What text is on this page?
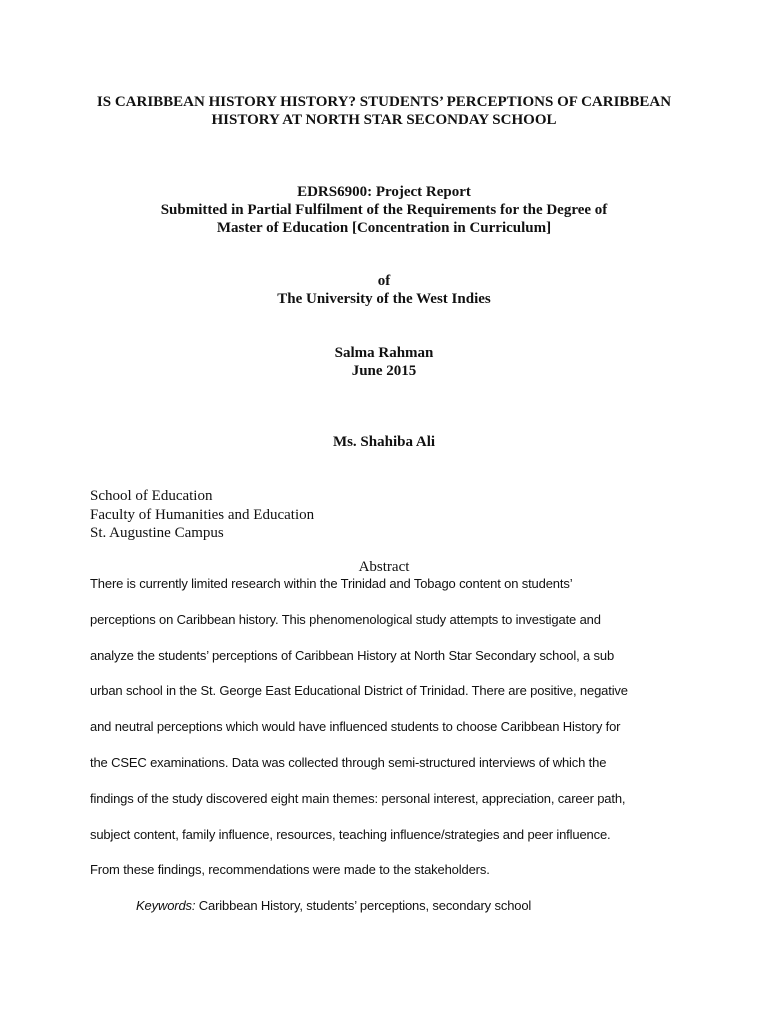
IS CARIBBEAN HISTORY HISTORY? STUDENTS’ PERCEPTIONS OF CARIBBEAN
HISTORY AT NORTH STAR SECONDAY SCHOOL
EDRS6900: Project Report
Submitted in Partial Fulfilment of the Requirements for the Degree of
Master of Education [Concentration in Curriculum]
of
The University of the West Indies
Salma Rahman
June 2015
Ms. Shahiba Ali
School of Education
Faculty of Humanities and Education
St. Augustine Campus
Abstract
There is currently limited research within the Trinidad and Tobago content on students’
perceptions on Caribbean history. This phenomenological study attempts to investigate and
analyze the students’ perceptions of Caribbean History at North Star Secondary school, a sub
urban school in the St. George East Educational District of Trinidad. There are positive, negative
and neutral perceptions which would have influenced students to choose Caribbean History for
the CSEC examinations. Data was collected through semi-structured interviews of which the
findings of the study discovered eight main themes: personal interest, appreciation, career path,
subject content, family influence, resources, teaching influence/strategies and peer influence.
From these findings, recommendations were made to the stakeholders.
Keywords: Caribbean History, students’ perceptions, secondary school
